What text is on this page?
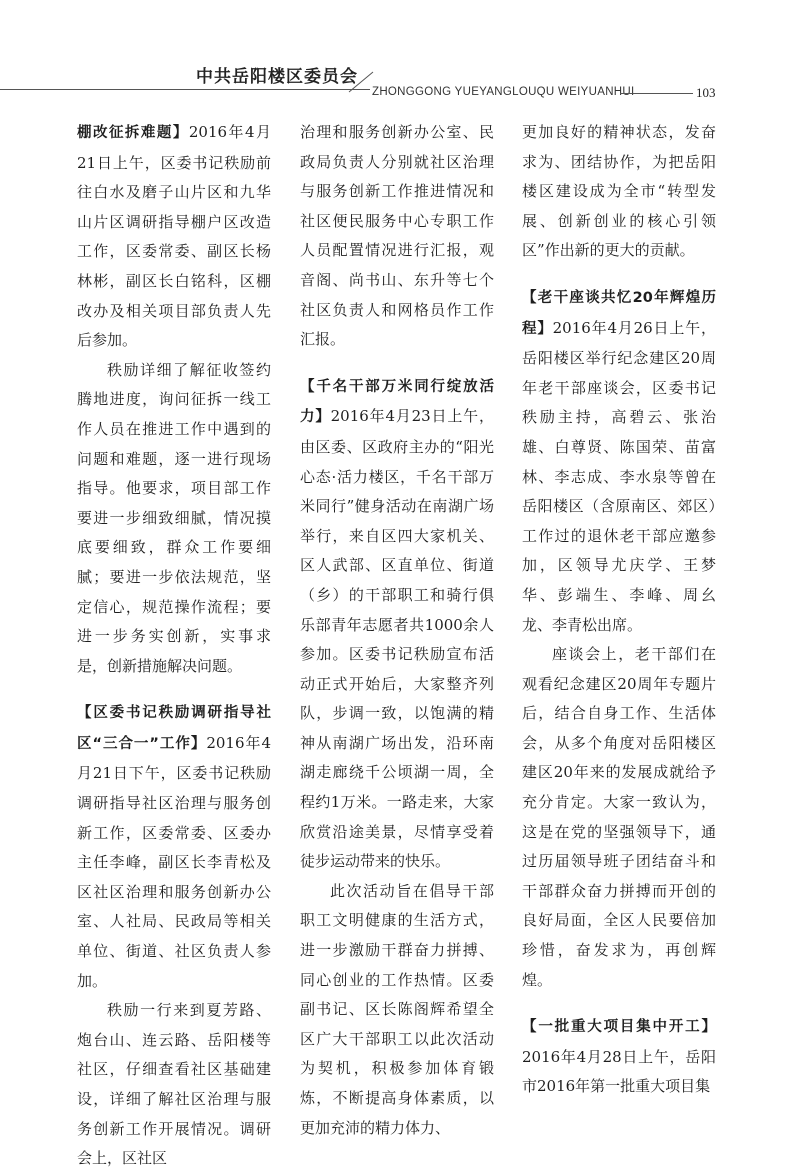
中共岳阳楼区委员会
ZHONGGONG YUEYANGLOUQU WEIYUANHUI	103

棚改征拆难题】2016年4月21日上午，区委书记秩励前往白水及磨子山片区和九华山片区调研指导棚户区改造工作，区委常委、副区长杨林彬，副区长白铭科，区棚改办及相关项目部负责人先后参加。

秩励详细了解征收签约腾地进度，询问征拆一线工作人员在推进工作中遇到的问题和难题，逐一进行现场指导。他要求，项目部工作要进一步细致细腻，情况摸底要细致，群众工作要细腻；要进一步依法规范，坚定信心，规范操作流程；要进一步务实创新，实事求是，创新措施解决问题。

【区委书记秩励调研指导社区“三合一”工作】2016年4月21日下午，区委书记秩励调研指导社区治理与服务创新工作，区委常委、区委办主任李峰，副区长李青松及区社区治理和服务创新办公室、人社局、民政局等相关单位、街道、社区负责人参加。

秩励一行来到夏芳路、炮台山、连云路、岳阳楼等社区，仔细查看社区基础建设，详细了解社区治理与服务创新工作开展情况。调研会上，区社区

治理和服务创新办公室、民政局负责人分别就社区治理与服务创新工作推进情况和社区便民服务中心专职工作人员配置情况进行汇报，观音阁、尚书山、东升等七个社区负责人和网格员作工作汇报。

【千名干部万米同行绽放活力】2016年4月23日上午，由区委、区政府主办的“阳光心态·活力楼区，千名干部万米同行”健身活动在南湖广场举行，来自区四大家机关、区人武部、区直单位、街道（乡）的干部职工和骑行俱乐部青年志愿者共1000余人参加。区委书记秩励宣布活动正式开始后，大家整齐列队，步调一致，以饱满的精神从南湖广场出发，沿环南湖走廊绕千公顷湖一周，全程约1万米。一路走来，大家欣赏沿途美景，尽情享受着徒步运动带来的快乐。

此次活动旨在倡导干部职工文明健康的生活方式，进一步激励干群奋力拼搏、同心创业的工作热情。区委副书记、区长陈阁辉希望全区广大干部职工以此次活动为契机，积极参加体育锻炼，不断提高身体素质，以更加充沛的精力体力、

更加良好的精神状态，发奋求为、团结协作，为把岳阳楼区建设成为全市“转型发展、创新创业的核心引领区”作出新的更大的贡献。

【老干座谈共忆20年辉煌历程】2016年4月26日上午，岳阳楼区举行纪念建区20周年老干部座谈会，区委书记秩励主持，高碧云、张治雄、白尊贤、陈国荣、苗富林、李志成、李水泉等曾在岳阳楼区（含原南区、郊区）工作过的退休老干部应邀参加，区领导尤庆学、王梦华、彭端生、李峰、周幺龙、李青松出席。

座谈会上，老干部们在观看纪念建区20周年专题片后，结合自身工作、生活体会，从多个角度对岳阳楼区建区20年来的发展成就给予充分肯定。大家一致认为，这是在党的坚强领导下，通过历届领导班子团结奋斗和干部群众奋力拼搏而开创的良好局面，全区人民要倍加珍惜，奋发求为，再创辉煌。

【一批重大项目集中开工】2016年4月28日上午，岳阳市2016年第一批重大项目集
